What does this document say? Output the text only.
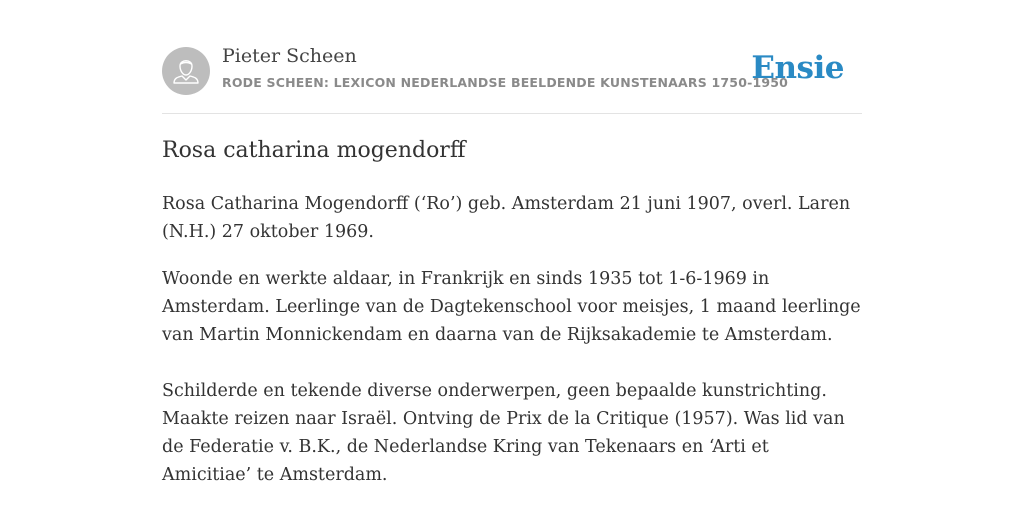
Pieter Scheen
RODE SCHEEN: LEXICON NEDERLANDSE BEELDENDE KUNSTENAARS 1750-1950
Ensie
Rosa catharina mogendorff

Rosa Catharina Mogendorff (‘Ro’) geb. Amsterdam 21 juni 1907, overl. Laren (N.H.) 27 oktober 1969.

Woonde en werkte aldaar, in Frankrijk en sinds 1935 tot 1-6-1969 in Amsterdam. Leerlinge van de Dagtekenschool voor meisjes, 1 maand leerlinge van Martin Monnickendam en daarna van de Rijksakademie te Amsterdam.

Schilderde en tekende diverse onderwerpen, geen bepaalde kunstrichting. Maakte reizen naar Israël. Ontving de Prix de la Critique (1957). Was lid van de Federatie v. B.K., de Nederlandse Kring van Tekenaars en ‘Arti et Amicitiae’ te Amsterdam.
